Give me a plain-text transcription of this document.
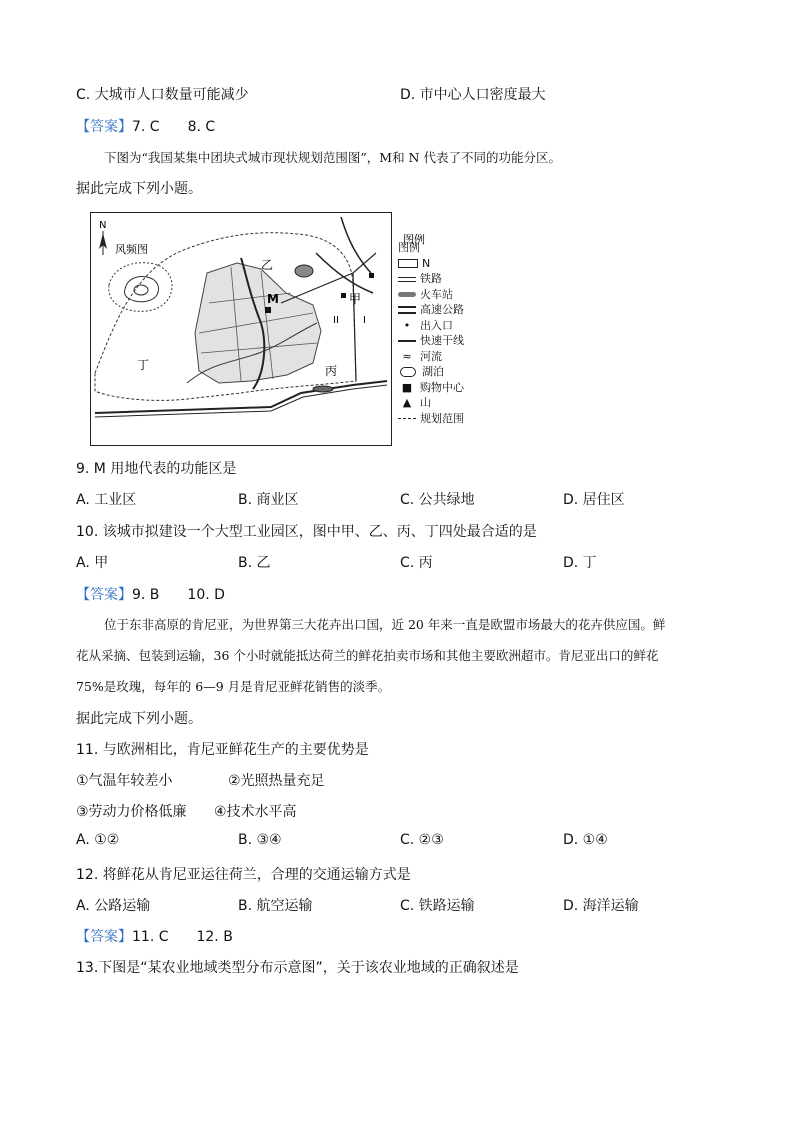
C. 大城市人口数量可能减少	D. 市中心人口密度最大
【答案】7. C　　8. C
下图为“我国某集中团块式城市现状规划范围图”，M和 N 代表了不同的功能分区。
据此完成下列小题。
N
风频图
M
乙
甲
I
II
丙
丁
图例
图例
N
铁路
火车站
高速公路
• 出入口
快速干线
≈ 河流
湖泊
■ 购物中心
▲ 山
规划范围
9. M 用地代表的功能区是
A. 工业区	B. 商业区	C. 公共绿地	D. 居住区
10. 该城市拟建设一个大型工业园区，图中甲、乙、丙、丁四处最合适的是
A. 甲	B. 乙	C. 丙	D. 丁
【答案】9. B　　10. D
位于东非高原的肯尼亚，为世界第三大花卉出口国，近 20 年来一直是欧盟市场最大的花卉供应国。鲜
花从采摘、包装到运输，36 个小时就能抵达荷兰的鲜花拍卖市场和其他主要欧洲超市。肯尼亚出口的鲜花
75%是玫瑰，每年的 6—9 月是肯尼亚鲜花销售的淡季。
据此完成下列小题。
11. 与欧洲相比，肯尼亚鲜花生产的主要优势是
①气温年较差小	②光照热量充足
③劳动力价格低廉 ④技术水平高
A. ①②	B. ③④	C. ②③	D. ①④
12. 将鲜花从肯尼亚运往荷兰，合理的交通运输方式是
A. 公路运输	B. 航空运输	C. 铁路运输	D. 海洋运输
【答案】11. C　　12. B
13.下图是“某农业地域类型分布示意图”，关于该农业地域的正确叙述是
